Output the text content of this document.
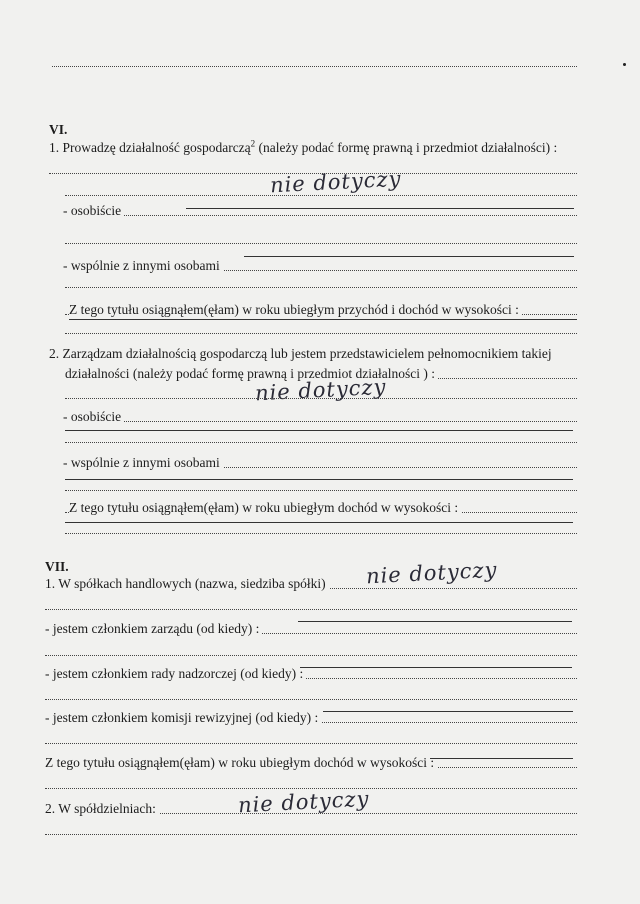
VI.
1. Prowadzę działalność gospodarczą$^2$ (należy podać formę prawną i przedmiot działalności) :
nie dotyczy
- osobiście
- wspólnie z innymi osobami
Z tego tytułu osiągnąłem(ęłam) w roku ubiegłym przychód i dochód w wysokości :
2. Zarządzam działalnością gospodarczą lub jestem przedstawicielem pełnomocnikiem takiej
działalności (należy podać formę prawną i przedmiot działalności ) :
nie dotyczy
- osobiście
- wspólnie z innymi osobami
Z tego tytułu osiągnąłem(ęłam) w roku ubiegłym dochód w wysokości :
VII.
1. W spółkach handlowych (nazwa, siedziba spółki) nie dotyczy
- jestem członkiem zarządu (od kiedy) :
- jestem członkiem rady nadzorczej (od kiedy) :
- jestem członkiem komisji rewizyjnej (od kiedy) :
Z tego tytułu osiągnąłem(ęłam) w roku ubiegłym dochód w wysokości :
2. W spółdzielniach:	nie dotyczy
